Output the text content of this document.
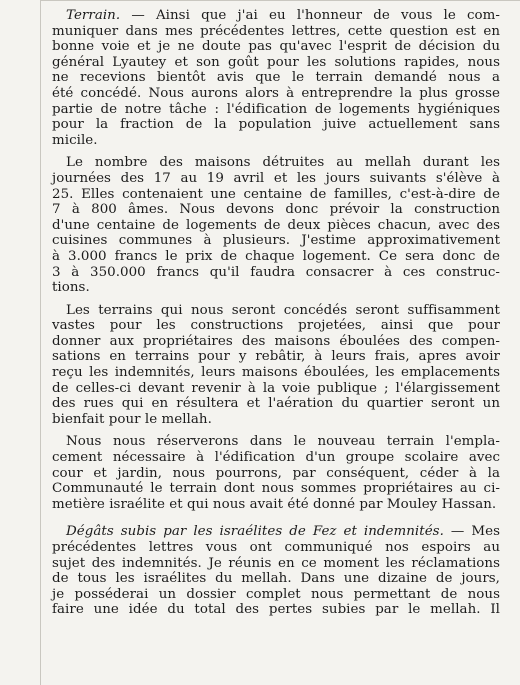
Terrain. — Ainsi que j'ai eu l'honneur de vous le com-
muniquer dans mes précédentes lettres, cette question est en
bonne voie et je ne doute pas qu'avec l'esprit de décision du
général Lyautey et son goût pour les solutions rapides, nous
ne recevions bientôt avis que le terrain demandé nous a
été concédé. Nous aurons alors à entreprendre la plus grosse
partie de notre tâche : l'édification de logements hygiéniques
pour la fraction de la population juive actuellement sans
micile.
Le nombre des maisons détruites au mellah durant les
journées des 17 au 19 avril et les jours suivants s'élève à
25. Elles contenaient une centaine de familles, c'est-à-dire de
7 à 800 âmes. Nous devons donc prévoir la construction
d'une centaine de logements de deux pièces chacun, avec des
cuisines communes à plusieurs. J'estime approximativement
à 3.000 francs le prix de chaque logement. Ce sera donc de
3 à 350.000 francs qu'il faudra consacrer à ces construc-
tions.
Les terrains qui nous seront concédés seront suffisamment
vastes pour les constructions projetées, ainsi que pour
donner aux propriétaires des maisons éboulées des compen-
sations en terrains pour y rebâtir, à leurs frais, apres avoir
reçu les indemnités, leurs maisons éboulées, les emplacements
de celles-ci devant revenir à la voie publique ; l'élargissement
des rues qui en résultera et l'aération du quartier seront un
bienfait pour le mellah.
Nous nous réserverons dans le nouveau terrain l'empla-
cement nécessaire à l'édification d'un groupe scolaire avec
cour et jardin, nous pourrons, par conséquent, céder à la
Communauté le terrain dont nous sommes propriétaires au ci-
metière israélite et qui nous avait été donné par Mouley Hassan.
Dégâts subis par les israélites de Fez et indemnités. — Mes
précédentes lettres vous ont communiqué nos espoirs au
sujet des indemnités. Je réunis en ce moment les réclamations
de tous les israélites du mellah. Dans une dizaine de jours,
je posséderai un dossier complet nous permettant de nous
faire une idée du total des pertes subies par le mellah. Il
